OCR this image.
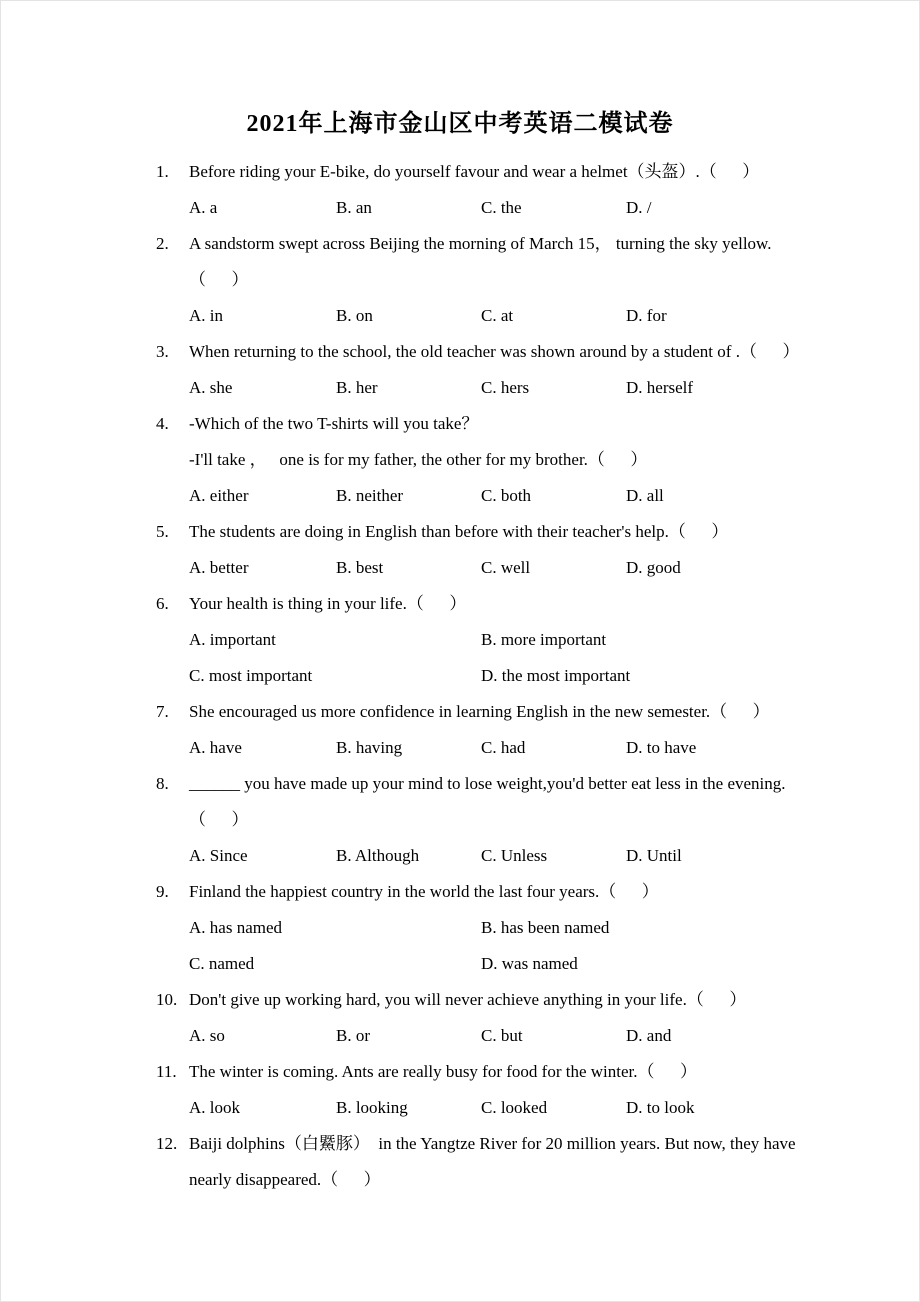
2021年上海市金山区中考英语二模试卷
1.	Before riding your E-bike, do yourself favour and wear a helmet（头盔）.（      ）
A. a	B. an	C. the	D. /
2.	A sandstorm swept across Beijing the morning of March 15， turning the sky yellow.
（      ）
A. in	B. on	C. at	D. for
3.	When returning to the school, the old teacher was shown around by a student of .（      ）
A. she	B. her	C. hers	D. herself
4.	-Which of the two T-shirts will you take？
-I'll take ，   one is for my father, the other for my brother.（      ）
A. either	B. neither	C. both	D. all
5.	The students are doing in English than before with their teacher's help.（      ）
A. better	B. best	C. well	D. good
6.	Your health is thing in your life.（      ）
A. important	B. more important
C. most important	D. the most important
7.	She encouraged us more confidence in learning English in the new semester.（      ）
A. have	B. having	C. had	D. to have
8.	______ you have made up your mind to lose weight,you'd better eat less in the evening.
（      ）
A. Since	B. Although	C. Unless	D. Until
9.	Finland the happiest country in the world the last four years.（      ）
A. has named	B. has been named
C. named	D. was named
10. Don't give up working hard, you will never achieve anything in your life.（      ）
A. so	B. or	C. but	D. and
11. The winter is coming. Ants are really busy for food for the winter.（      ）
A. look	B. looking	C. looked	D. to look
12. Baiji dolphins（白鱀豚）  in the Yangtze River for 20 million years. But now, they have
nearly disappeared.（      ）
